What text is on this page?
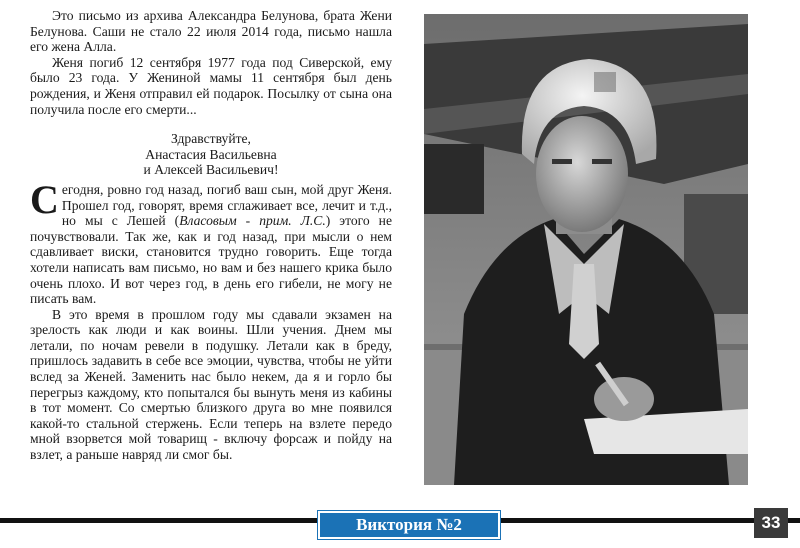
Это письмо из архива Александра Белунова, брата Жени Белунова. Саши не стало 22 июля 2014 года, письмо нашла его жена Алла.

Женя погиб 12 сентября 1977 года под Сиверской, ему было 23 года. У Жениной мамы 11 сентября был день рождения, и Женя отправил ей подарок. Посылку от сына она получила после его смерти...

Здравствуйте,
Анастасия Васильевна
и Алексей Васильевич!

Сегодня, ровно год назад, погиб ваш сын, мой друг Женя. Прошел год, говорят, время сглаживает все, лечит и т.д., но мы с Лешей (Власовым - прим. Л.С.) этого не почувствовали. Так же, как и год назад, при мысли о нем сдавливает виски, становится трудно говорить. Еще тогда хотели написать вам письмо, но вам и без нашего крика было очень плохо. И вот через год, в день его гибели, не могу не писать вам.

В это время в прошлом году мы сдавали экзамен на зрелость как люди и как воины. Шли учения. Днем мы летали, по ночам ревели в подушку. Летали как в бреду, пришлось задавить в себе все эмоции, чувства, чтобы не уйти вслед за Женей. Заменить нас было некем, да я и горло бы перегрыз каждому, кто попытался бы вынуть меня из кабины в тот момент. Со смертью близкого друга во мне появился какой-то стальной стержень. Если теперь на взлете передо мной взорвется мой товарищ - включу форсаж и пойду на взлет, а раньше навряд ли смог бы.

Виктория №2	33
